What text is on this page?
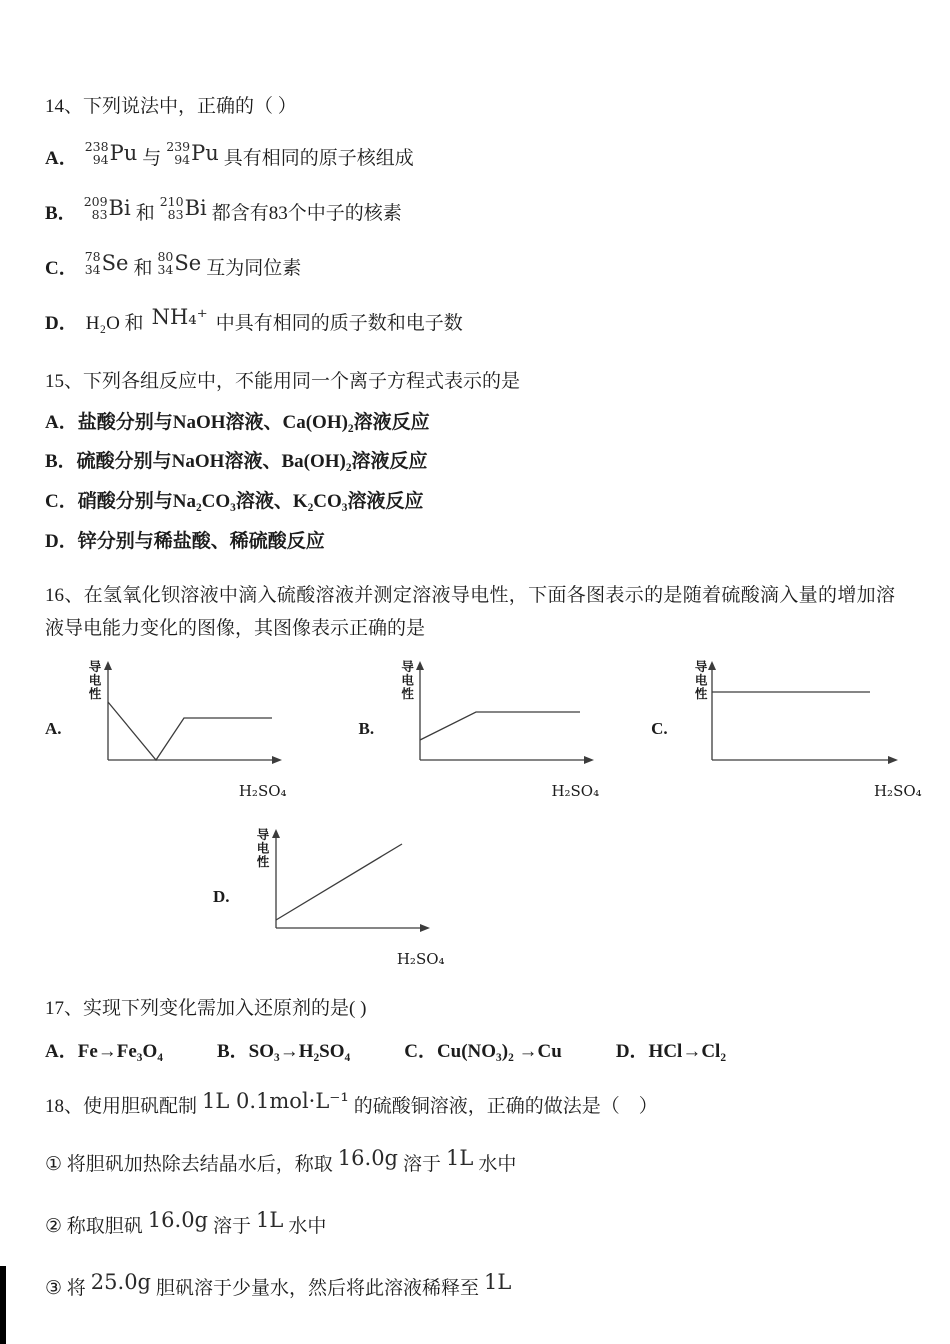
14、下列说法中，正确的（ ）
A．
238
94 Pu 与
239
94 Pu 具有相同的原子核组成
B．
209
83 Bi 和
210
83 Bi 都含有83个中子的核素
C．
78
34 Se 和
80
34 Se 互为同位素
D． H₂O 和 NH₄⁺ 中具有相同的质子数和电子数
15、下列各组反应中，不能用同一个离子方程式表示的是
A．盐酸分别与NaOH溶液、Ca(OH)₂溶液反应
B．硫酸分别与NaOH溶液、Ba(OH)₂溶液反应
C．硝酸分别与Na₂CO₃溶液、K₂CO₃溶液反应
D．锌分别与稀盐酸、稀硫酸反应
16、在氢氧化钡溶液中滴入硫酸溶液并测定溶液导电性，下面各图表示的是随着硫酸滴入量的增加溶液导电能力变化的图像，其图像表示正确的是
A.
导电性
H₂SO₄
B.
导电性
H₂SO₄
C.
导电性
H₂SO₄
D.
导电性
H₂SO₄
17、实现下列变化需加入还原剂的是( )
A．Fe→Fe₃O₄	B．SO₃→H₂SO₄	C．Cu(NO₃)₂ →Cu	D．HCl→Cl₂
18、使用胆矾配制 1L 0.1mol·L⁻¹ 的硫酸铜溶液，正确的做法是（　）
① 将胆矾加热除去结晶水后，称取 16.0g 溶于 1L 水中
② 称取胆矾 16.0g 溶于 1L 水中
③ 将 25.0g 胆矾溶于少量水，然后将此溶液稀释至 1L
